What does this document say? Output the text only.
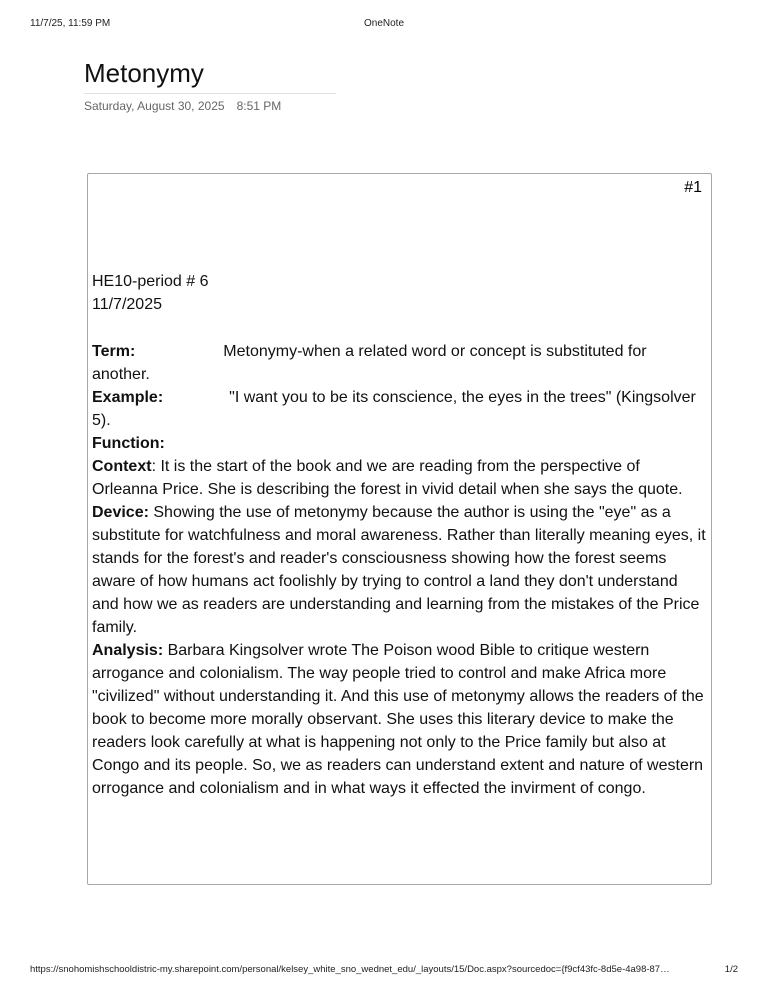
11/7/25, 11:59 PM	OneNote
Metonymy
Saturday, August 30, 2025 8:51 PM
#1

HE10-period # 6

11/7/2025

Term:	Metonymy-when a related word or concept is substituted for another.

Example:	"I want you to be its conscience, the eyes in the trees" (Kingsolver 5).

Function:

Context: It is the start of the book and we are reading from the perspective of Orleanna Price. She is describing the forest in vivid detail when she says the quote.

Device: Showing the use of metonymy because the author is using the "eye" as a substitute for watchfulness and moral awareness. Rather than literally meaning eyes, it stands for the forest's and reader's consciousness showing how the forest seems aware of how humans act foolishly by trying to control a land they don't understand and how we as readers are understanding and learning from the mistakes of the Price family.

Analysis: Barbara Kingsolver wrote The Poison wood Bible to critique western arrogance and colonialism. The way people tried to control and make Africa more "civilized" without understanding it. And this use of metonymy allows the readers of the book to become more morally observant. She uses this literary device to make the readers look carefully at what is happening not only to the Price family but also at Congo and its people. So, we as readers can understand extent and nature of western orrogance and colonialism and in what ways it effected the invirment of congo.

https://snohomishschooldistric-my.sharepoint.com/personal/kelsey_white_sno_wednet_edu/_layouts/15/Doc.aspx?sourcedoc={f9cf43fc-8d5e-4a98-87…	1/2
